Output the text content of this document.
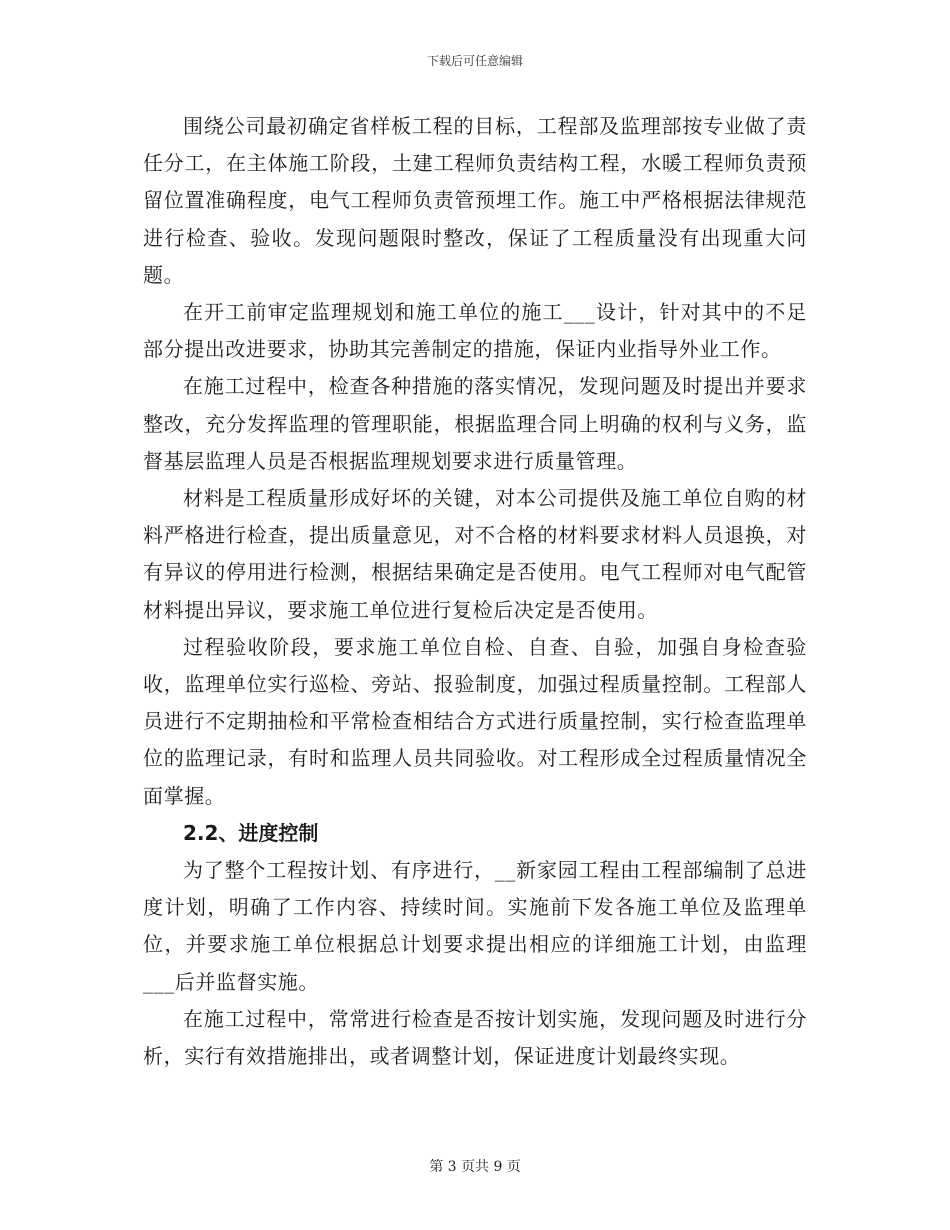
下载后可任意编辑

围绕公司最初确定省样板工程的目标，工程部及监理部按专业做了责任分工，在主体施工阶段，土建工程师负责结构工程，水暖工程师负责预留位置准确程度，电气工程师负责管预埋工作。施工中严格根据法律规范进行检查、验收。发现问题限时整改，保证了工程质量没有出现重大问题。

在开工前审定监理规划和施工单位的施工___设计，针对其中的不足部分提出改进要求，协助其完善制定的措施，保证内业指导外业工作。

在施工过程中，检查各种措施的落实情况，发现问题及时提出并要求整改，充分发挥监理的管理职能，根据监理合同上明确的权利与义务，监督基层监理人员是否根据监理规划要求进行质量管理。

材料是工程质量形成好坏的关键，对本公司提供及施工单位自购的材料严格进行检查，提出质量意见，对不合格的材料要求材料人员退换，对有异议的停用进行检测，根据结果确定是否使用。电气工程师对电气配管材料提出异议，要求施工单位进行复检后决定是否使用。

过程验收阶段，要求施工单位自检、自查、自验，加强自身检查验收，监理单位实行巡检、旁站、报验制度，加强过程质量控制。工程部人员进行不定期抽检和平常检查相结合方式进行质量控制，实行检查监理单位的监理记录，有时和监理人员共同验收。对工程形成全过程质量情况全面掌握。

2.2、进度控制

为了整个工程按计划、有序进行，__新家园工程由工程部编制了总进度计划，明确了工作内容、持续时间。实施前下发各施工单位及监理单位，并要求施工单位根据总计划要求提出相应的详细施工计划，由监理___后并监督实施。

在施工过程中，常常进行检查是否按计划实施，发现问题及时进行分析，实行有效措施排出，或者调整计划，保证进度计划最终实现。

第 3 页共 9 页
